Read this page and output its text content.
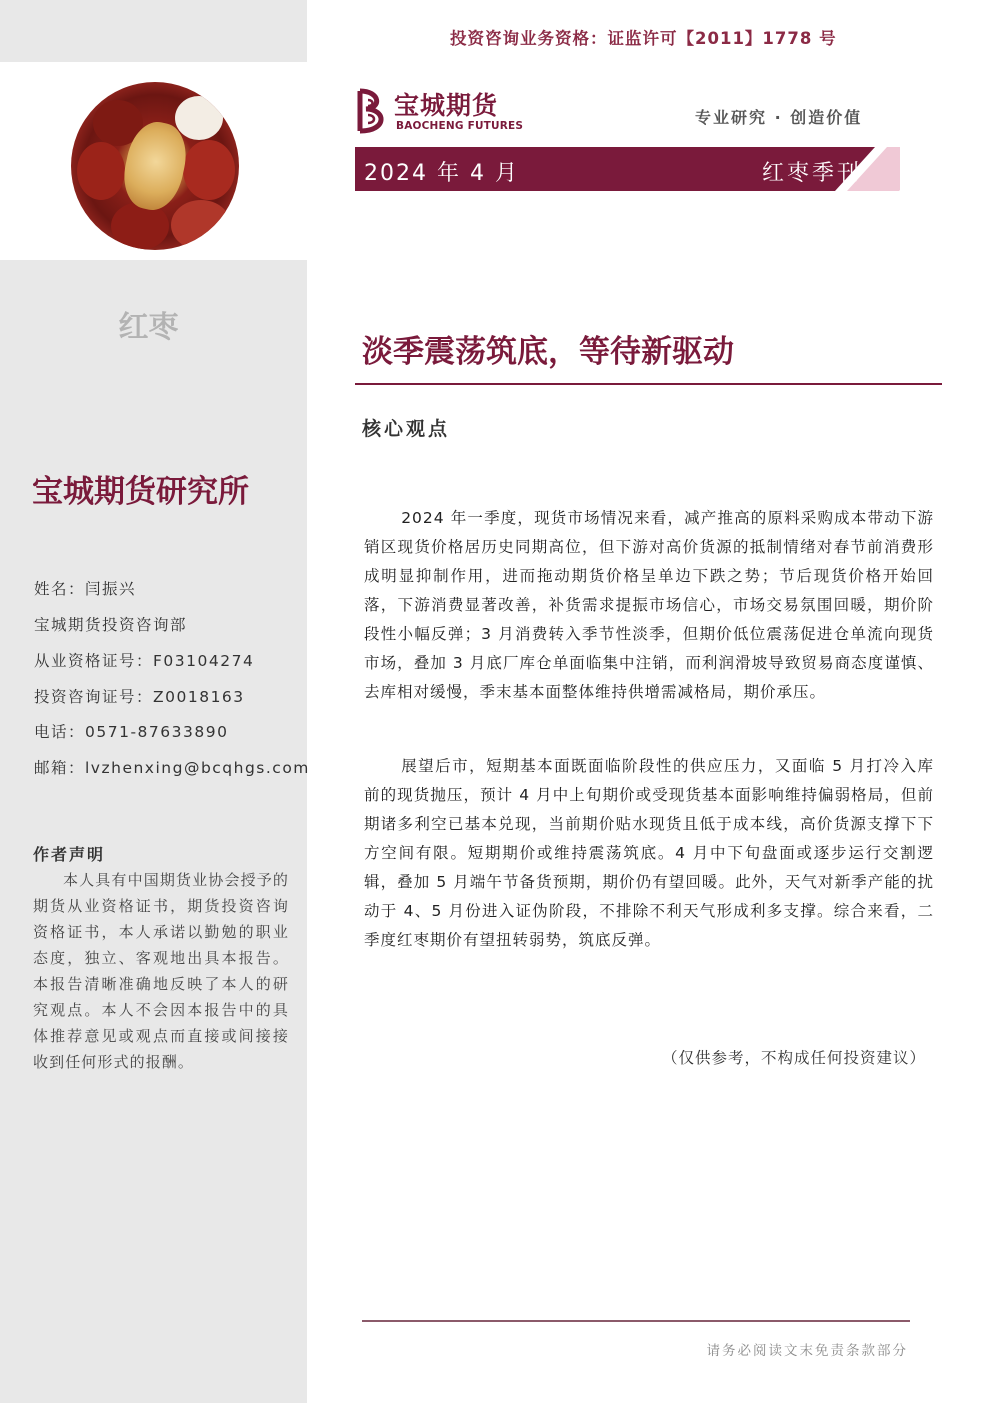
红枣
宝城期货研究所
姓名：闫振兴
宝城期货投资咨询部
从业资格证号：F03104274
投资咨询证号：Z0018163
电话：0571-87633890
邮箱：lvzhenxing@bcqhgs.com
作者声明
本人具有中国期货业协会授予的期货从业资格证书，期货投资咨询资格证书，本人承诺以勤勉的职业态度，独立、客观地出具本报告。本报告清晰准确地反映了本人的研究观点。本人不会因本报告中的具体推荐意见或观点而直接或间接接收到任何形式的报酬。
投资咨询业务资格：证监许可【2011】1778 号
宝城期货
BAOCHENG FUTURES	专业研究 · 创造价值
2024 年 4 月	红枣季刊
淡季震荡筑底，等待新驱动
核心观点
2024 年一季度，现货市场情况来看，减产推高的原料采购成本带动下游销区现货价格居历史同期高位，但下游对高价货源的抵制情绪对春节前消费形成明显抑制作用，进而拖动期货价格呈单边下跌之势；节后现货价格开始回落，下游消费显著改善，补货需求提振市场信心，市场交易氛围回暖，期价阶段性小幅反弹；3 月消费转入季节性淡季，但期价低位震荡促进仓单流向现货市场，叠加 3 月底厂库仓单面临集中注销，而利润滑坡导致贸易商态度谨慎、去库相对缓慢，季末基本面整体维持供增需减格局，期价承压。
展望后市，短期基本面既面临阶段性的供应压力，又面临 5 月打冷入库前的现货抛压，预计 4 月中上旬期价或受现货基本面影响维持偏弱格局，但前期诸多利空已基本兑现，当前期价贴水现货且低于成本线，高价货源支撑下下方空间有限。短期期价或维持震荡筑底。4 月中下旬盘面或逐步运行交割逻辑，叠加 5 月端午节备货预期，期价仍有望回暖。此外，天气对新季产能的扰动于 4、5 月份进入证伪阶段，不排除不利天气形成利多支撑。综合来看，二季度红枣期价有望扭转弱势，筑底反弹。
（仅供参考，不构成任何投资建议）
请务必阅读文末免责条款部分
